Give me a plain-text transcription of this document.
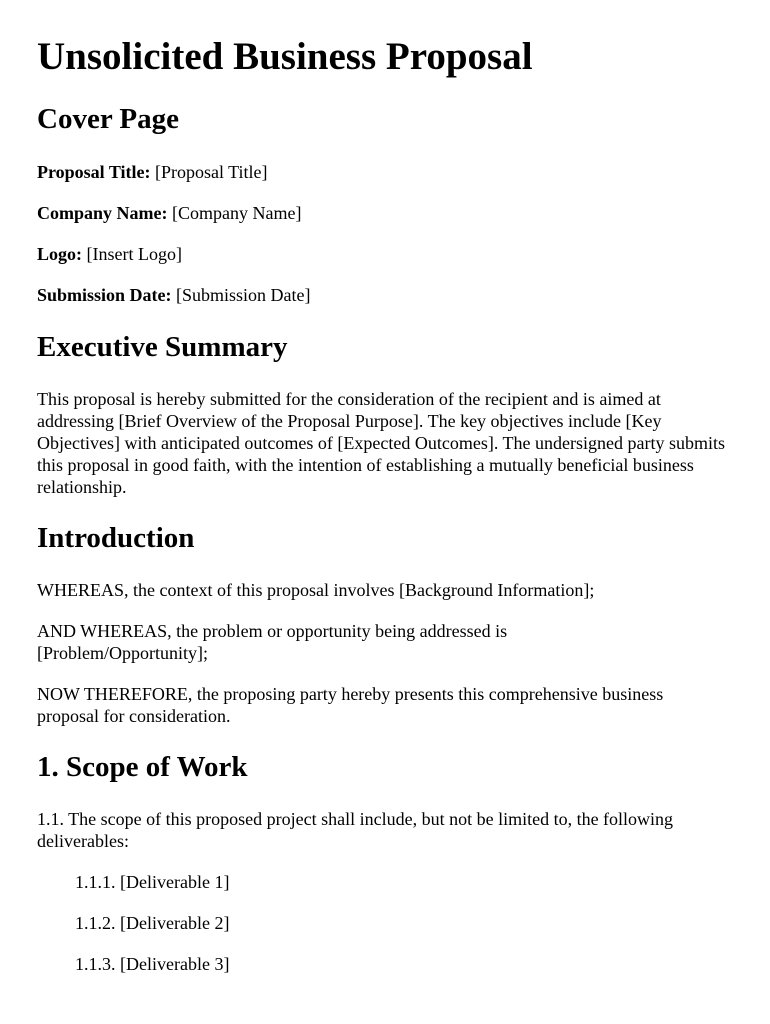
Unsolicited Business Proposal
Cover Page

Proposal Title: [Proposal Title]

Company Name: [Company Name]

Logo: [Insert Logo]

Submission Date: [Submission Date]

Executive Summary

This proposal is hereby submitted for the consideration of the recipient and is aimed at addressing [Brief Overview of the Proposal Purpose]. The key objectives include [Key Objectives] with anticipated outcomes of [Expected Outcomes]. The undersigned party submits this proposal in good faith, with the intention of establishing a mutually beneficial business relationship.

Introduction

WHEREAS, the context of this proposal involves [Background Information];

AND WHEREAS, the problem or opportunity being addressed is [Problem/Opportunity];

NOW THEREFORE, the proposing party hereby presents this comprehensive business proposal for consideration.

1. Scope of Work

1.1. The scope of this proposed project shall include, but not be limited to, the following deliverables:

1.1.1. [Deliverable 1]

1.1.2. [Deliverable 2]

1.1.3. [Deliverable 3]
